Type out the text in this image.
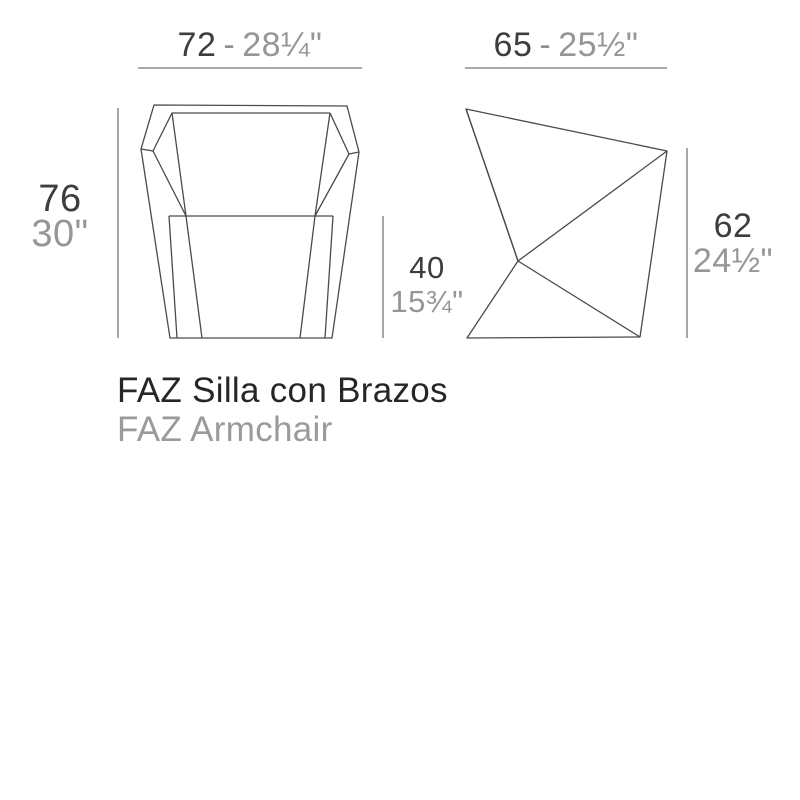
72 - 28¼"	65 - 25½"
76
30"
40
15¾"
62
24½"
FAZ Silla con Brazos
FAZ Armchair
